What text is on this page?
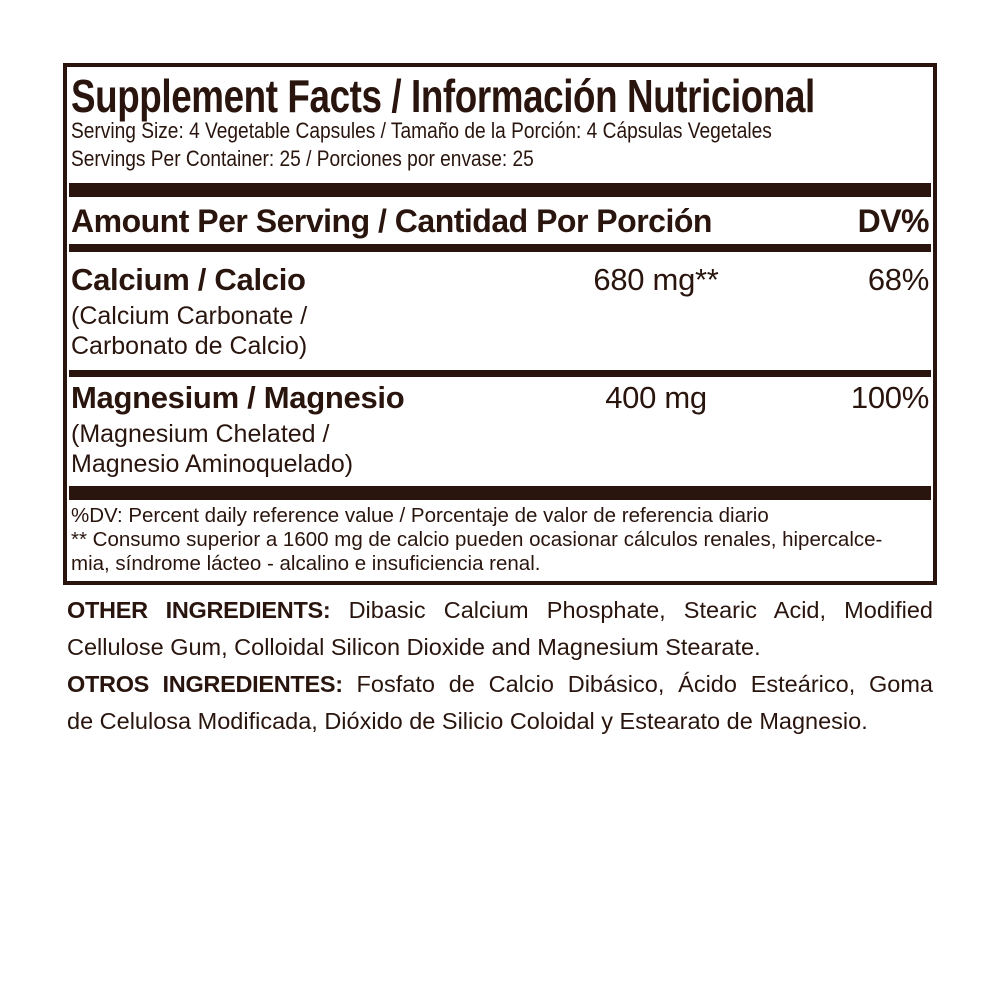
Supplement Facts / Información Nutricional
Serving Size: 4 Vegetable Capsules / Tamaño de la Porción: 4 Cápsulas Vegetales
Servings Per Container: 25 / Porciones por envase: 25
Amount Per Serving / Cantidad Por Porción	DV%
Calcium / Calcio	680 mg**	68%
(Calcium Carbonate /
Carbonato de Calcio)
Magnesium / Magnesio	400 mg	100%
(Magnesium Chelated /
Magnesio Aminoquelado)
%DV: Percent daily reference value / Porcentaje de valor de referencia diario
** Consumo superior a 1600 mg de calcio pueden ocasionar cálculos renales, hipercalce-
mia, síndrome lácteo - alcalino e insuficiencia renal.
OTHER INGREDIENTS: Dibasic Calcium Phosphate, Stearic Acid, Modified
Cellulose Gum, Colloidal Silicon Dioxide and Magnesium Stearate.
OTROS INGREDIENTES: Fosfato de Calcio Dibásico, Ácido Esteárico, Goma
de Celulosa Modificada, Dióxido de Silicio Coloidal y Estearato de Magnesio.
